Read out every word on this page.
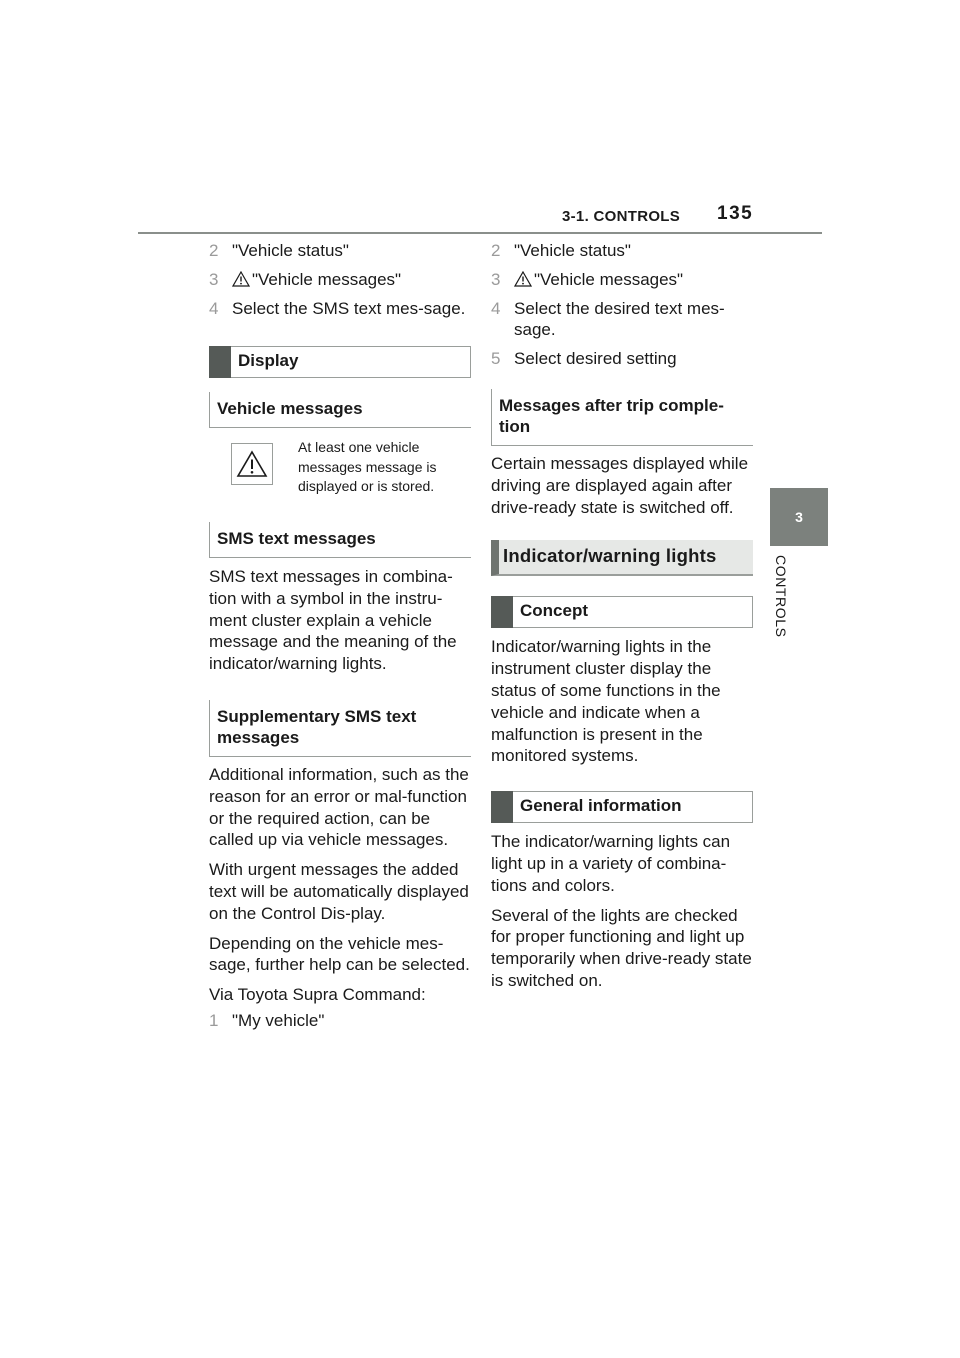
3-1. CONTROLS 135
3
CONTROLS
2 "Vehicle status"
3	"Vehicle messages"
4 Select the SMS text mes-sage.
Display
Vehicle messages
At least one vehicle messages message is displayed or is stored.
SMS text messages

SMS text messages in combina-tion with a symbol in the instru-ment cluster explain a vehicle message and the meaning of the indicator/warning lights.

Supplementary SMS text messages

Additional information, such as the reason for an error or mal-function or the required action, can be called up via vehicle messages.

With urgent messages the added text will be automatically displayed on the Control Dis-play.

Depending on the vehicle mes-sage, further help can be selected.

Via Toyota Supra Command:

1 "My vehicle"
2 "Vehicle status"
3	"Vehicle messages"
4 Select the desired text mes-sage.
5 Select desired setting
Messages after trip comple-tion

Certain messages displayed while driving are displayed again after drive-ready state is switched off.

Indicator/warning lights
Concept

Indicator/warning lights in the instrument cluster display the status of some functions in the vehicle and indicate when a malfunction is present in the monitored systems.

General information

The indicator/warning lights can light up in a variety of combina-tions and colors.

Several of the lights are checked for proper functioning and light up temporarily when drive-ready state is switched on.
